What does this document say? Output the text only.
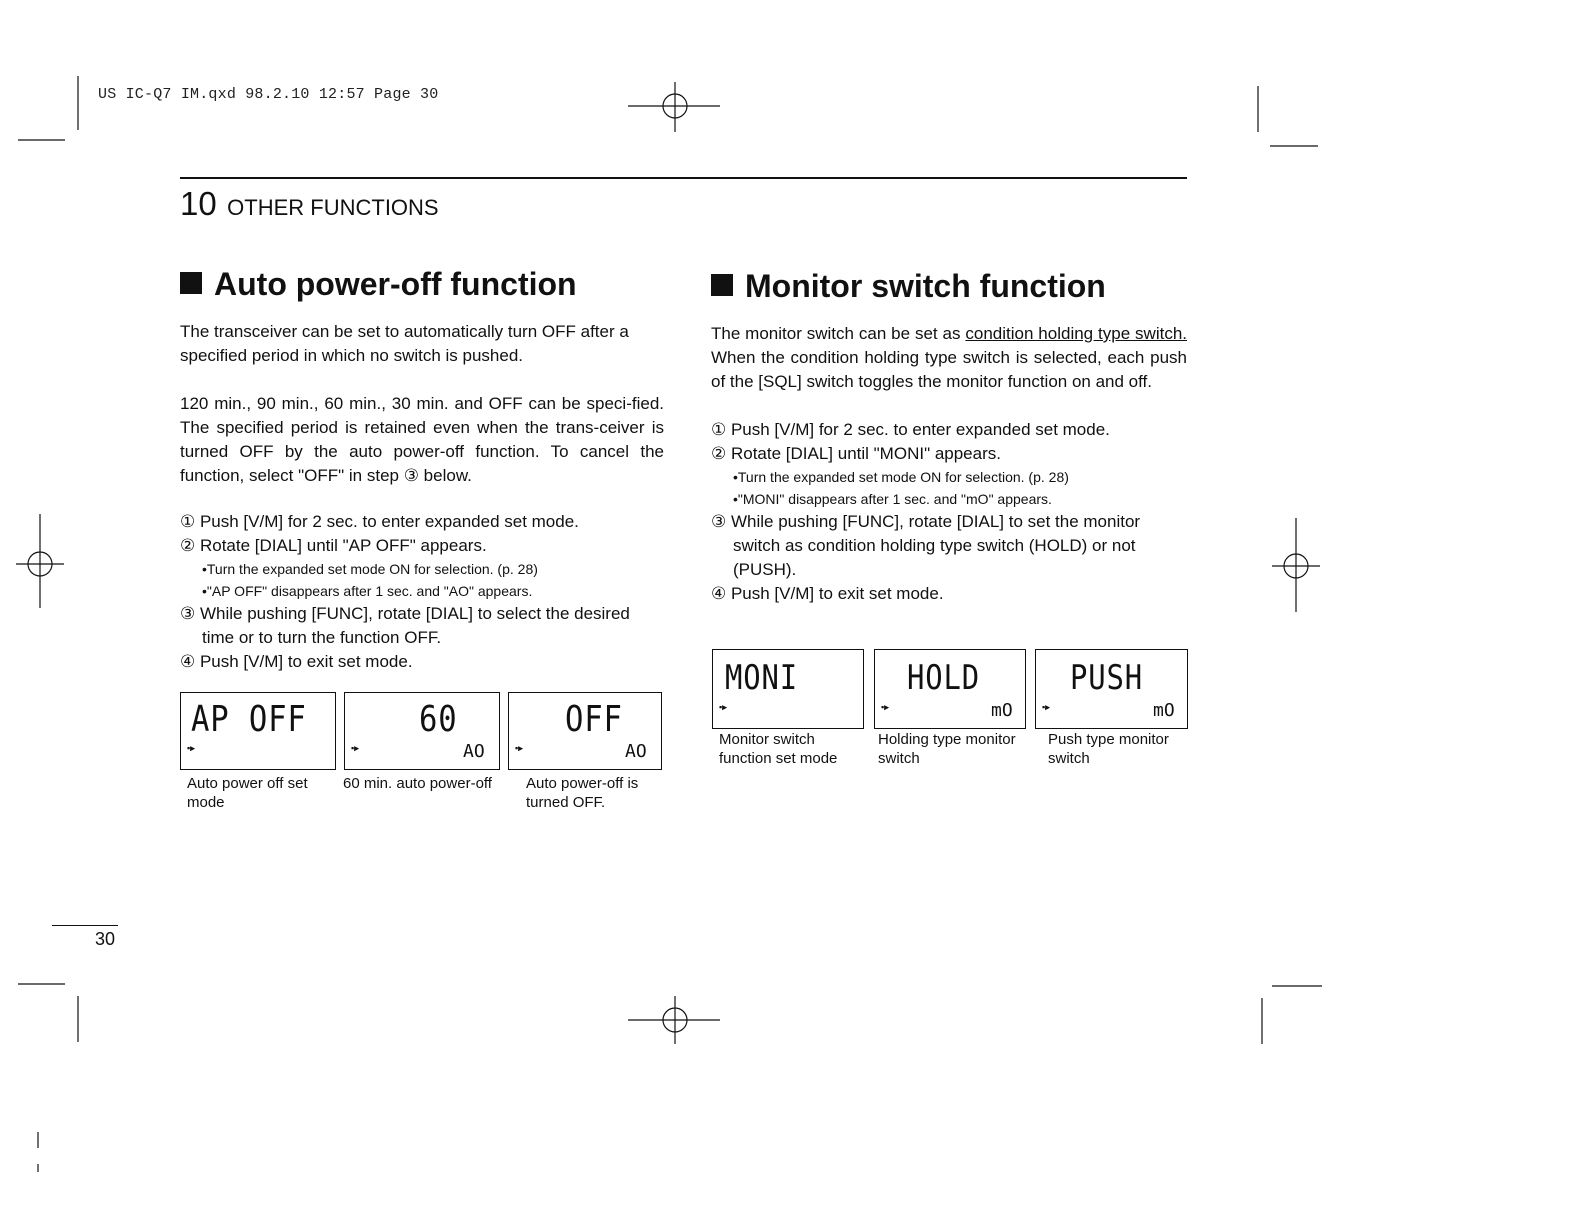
US IC-Q7 IM.qxd 98.2.10 12:57 Page 30
10 OTHER FUNCTIONS
Auto power-off function
The transceiver can be set to automatically turn OFF after a specified period in which no switch is pushed.
120 min., 90 min., 60 min., 30 min. and OFF can be speci-fied. The specified period is retained even when the trans-ceiver is turned OFF by the auto power-off function. To cancel the function, select "OFF" in step ③ below.
① Push [V/M] for 2 sec. to enter expanded set mode.
② Rotate [DIAL] until "AP OFF" appears.
•Turn the expanded set mode ON for selection. (p. 28)
•"AP OFF" disappears after 1 sec. and "AO" appears.
③ While pushing [FUNC], rotate [DIAL] to select the desired
time or to turn the function OFF.
④ Push [V/M] to exit set mode.
AP OFF
▪▸
60
▪▸	AO
OFF
▪▸	AO
Auto power off set mode
60 min. auto power-off	Auto power-off is turned OFF.
Monitor switch function
The monitor switch can be set as condition holding type switch. When the condition holding type switch is selected, each push of the [SQL] switch toggles the monitor function on and off.
① Push [V/M] for 2 sec. to enter expanded set mode.
② Rotate [DIAL] until "MONI" appears.
•Turn the expanded set mode ON for selection. (p. 28)
•"MONI" disappears after 1 sec. and "mO" appears.
③ While pushing [FUNC], rotate [DIAL] to set the monitor
switch as condition holding type switch (HOLD) or not (PUSH).
④ Push [V/M] to exit set mode.
MONI
▪▸
HOLD
▪▸	mO
PUSH
▪▸	mO
Monitor switch function set mode
Holding type monitor switch
Push type monitor switch
30
